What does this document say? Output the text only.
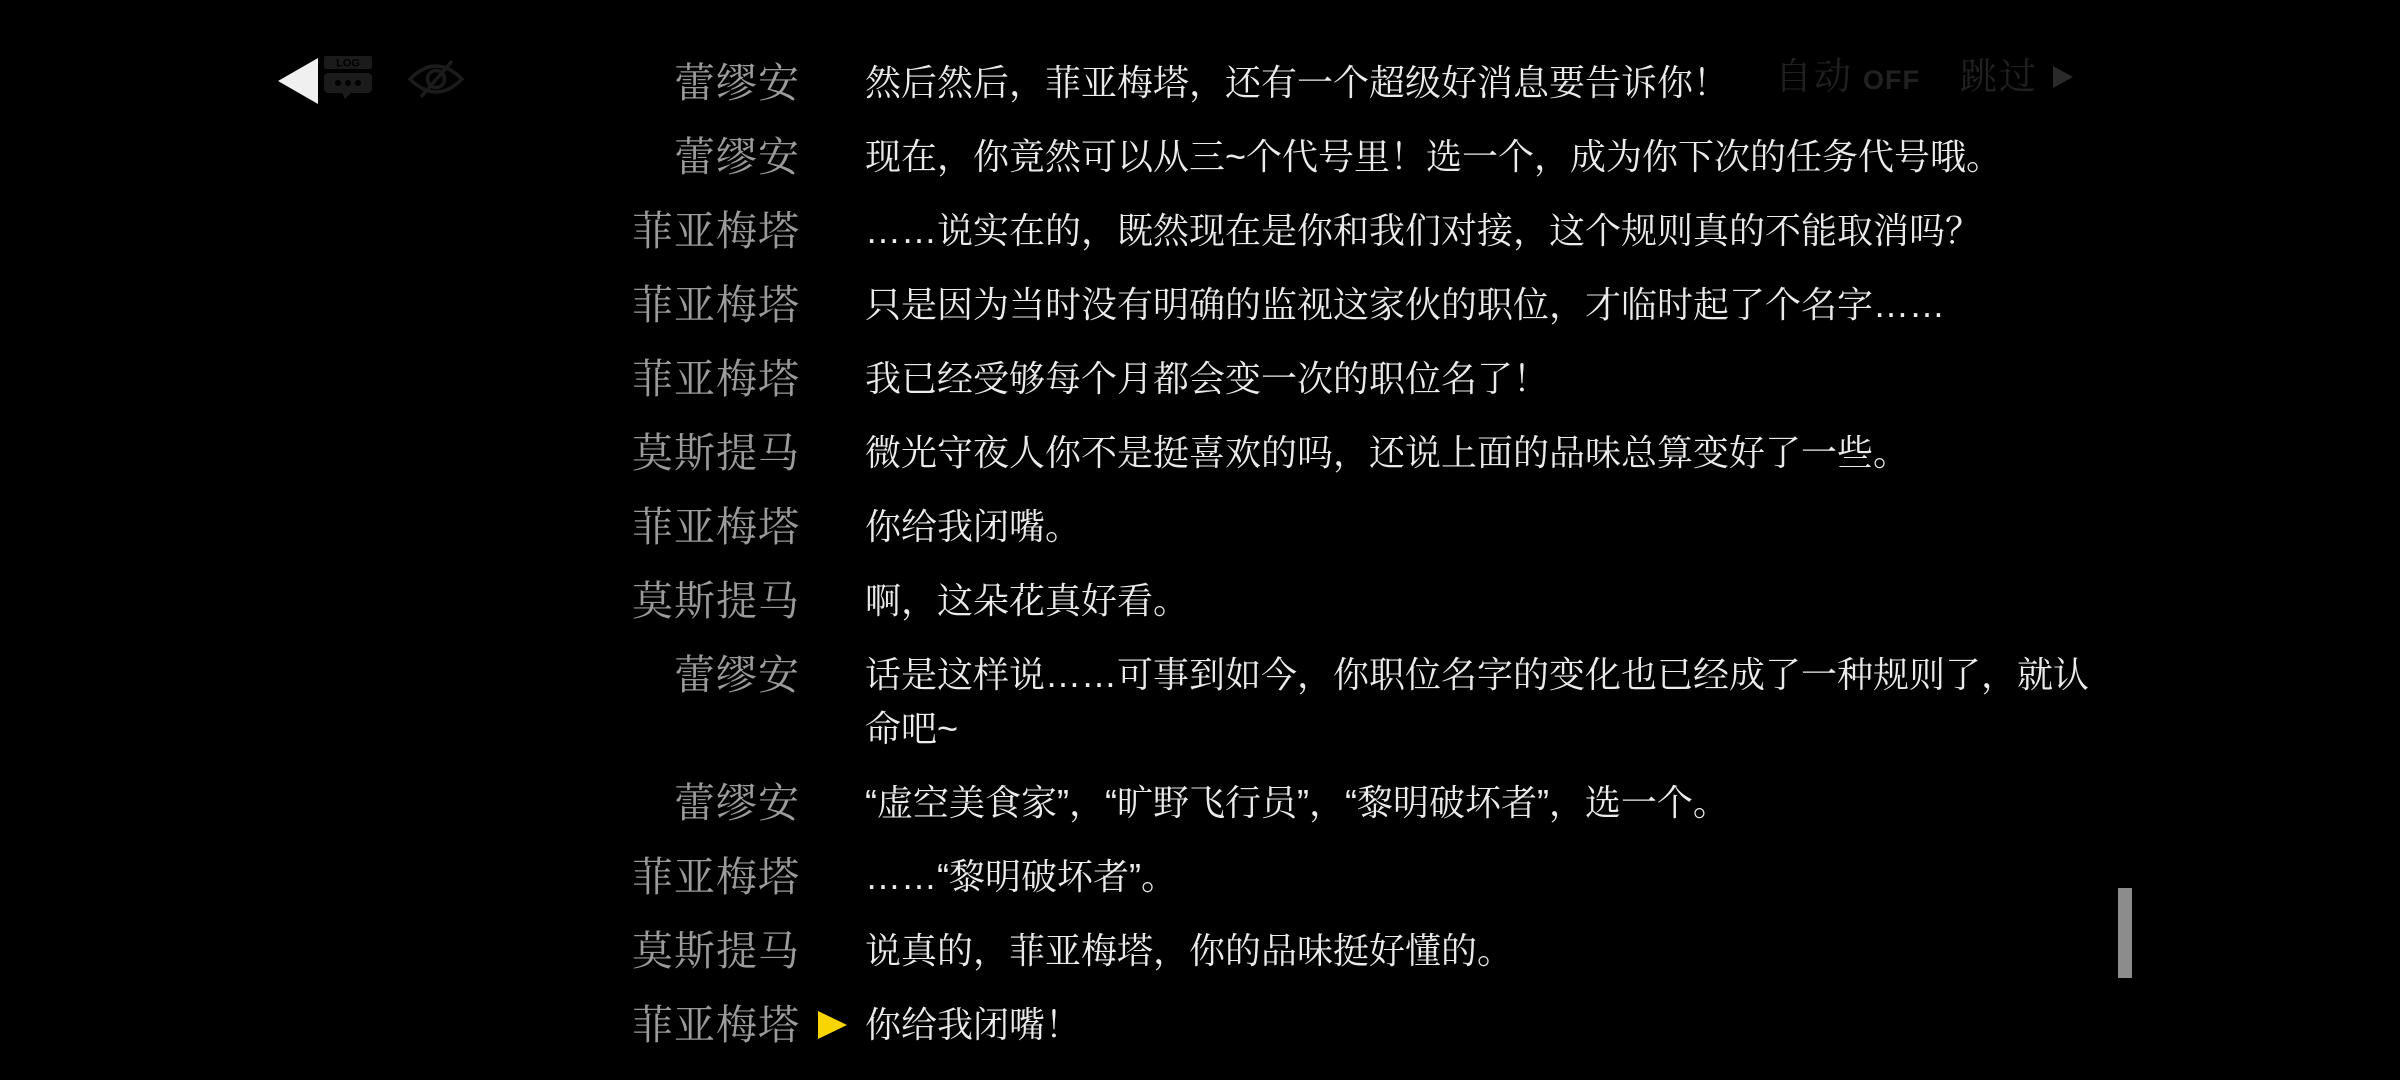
LOG	自动 OFF 跳过
蕾缪安 然后然后，菲亚梅塔，还有一个超级好消息要告诉你！
蕾缪安 现在，你竟然可以从三~个代号里！选一个，成为你下次的任务代号哦。
菲亚梅塔 ……说实在的，既然现在是你和我们对接，这个规则真的不能取消吗？
菲亚梅塔 只是因为当时没有明确的监视这家伙的职位，才临时起了个名字……
菲亚梅塔 我已经受够每个月都会变一次的职位名了！
莫斯提马 微光守夜人你不是挺喜欢的吗，还说上面的品味总算变好了一些。
菲亚梅塔 你给我闭嘴。
莫斯提马 啊，这朵花真好看。
蕾缪安 话是这样说……可事到如今，你职位名字的变化也已经成了一种规则了，就认命吧~
蕾缪安 “虚空美食家”，“旷野飞行员”，“黎明破坏者”，选一个。
菲亚梅塔 ……“黎明破坏者”。
莫斯提马 说真的，菲亚梅塔，你的品味挺好懂的。
菲亚梅塔 你给我闭嘴！
